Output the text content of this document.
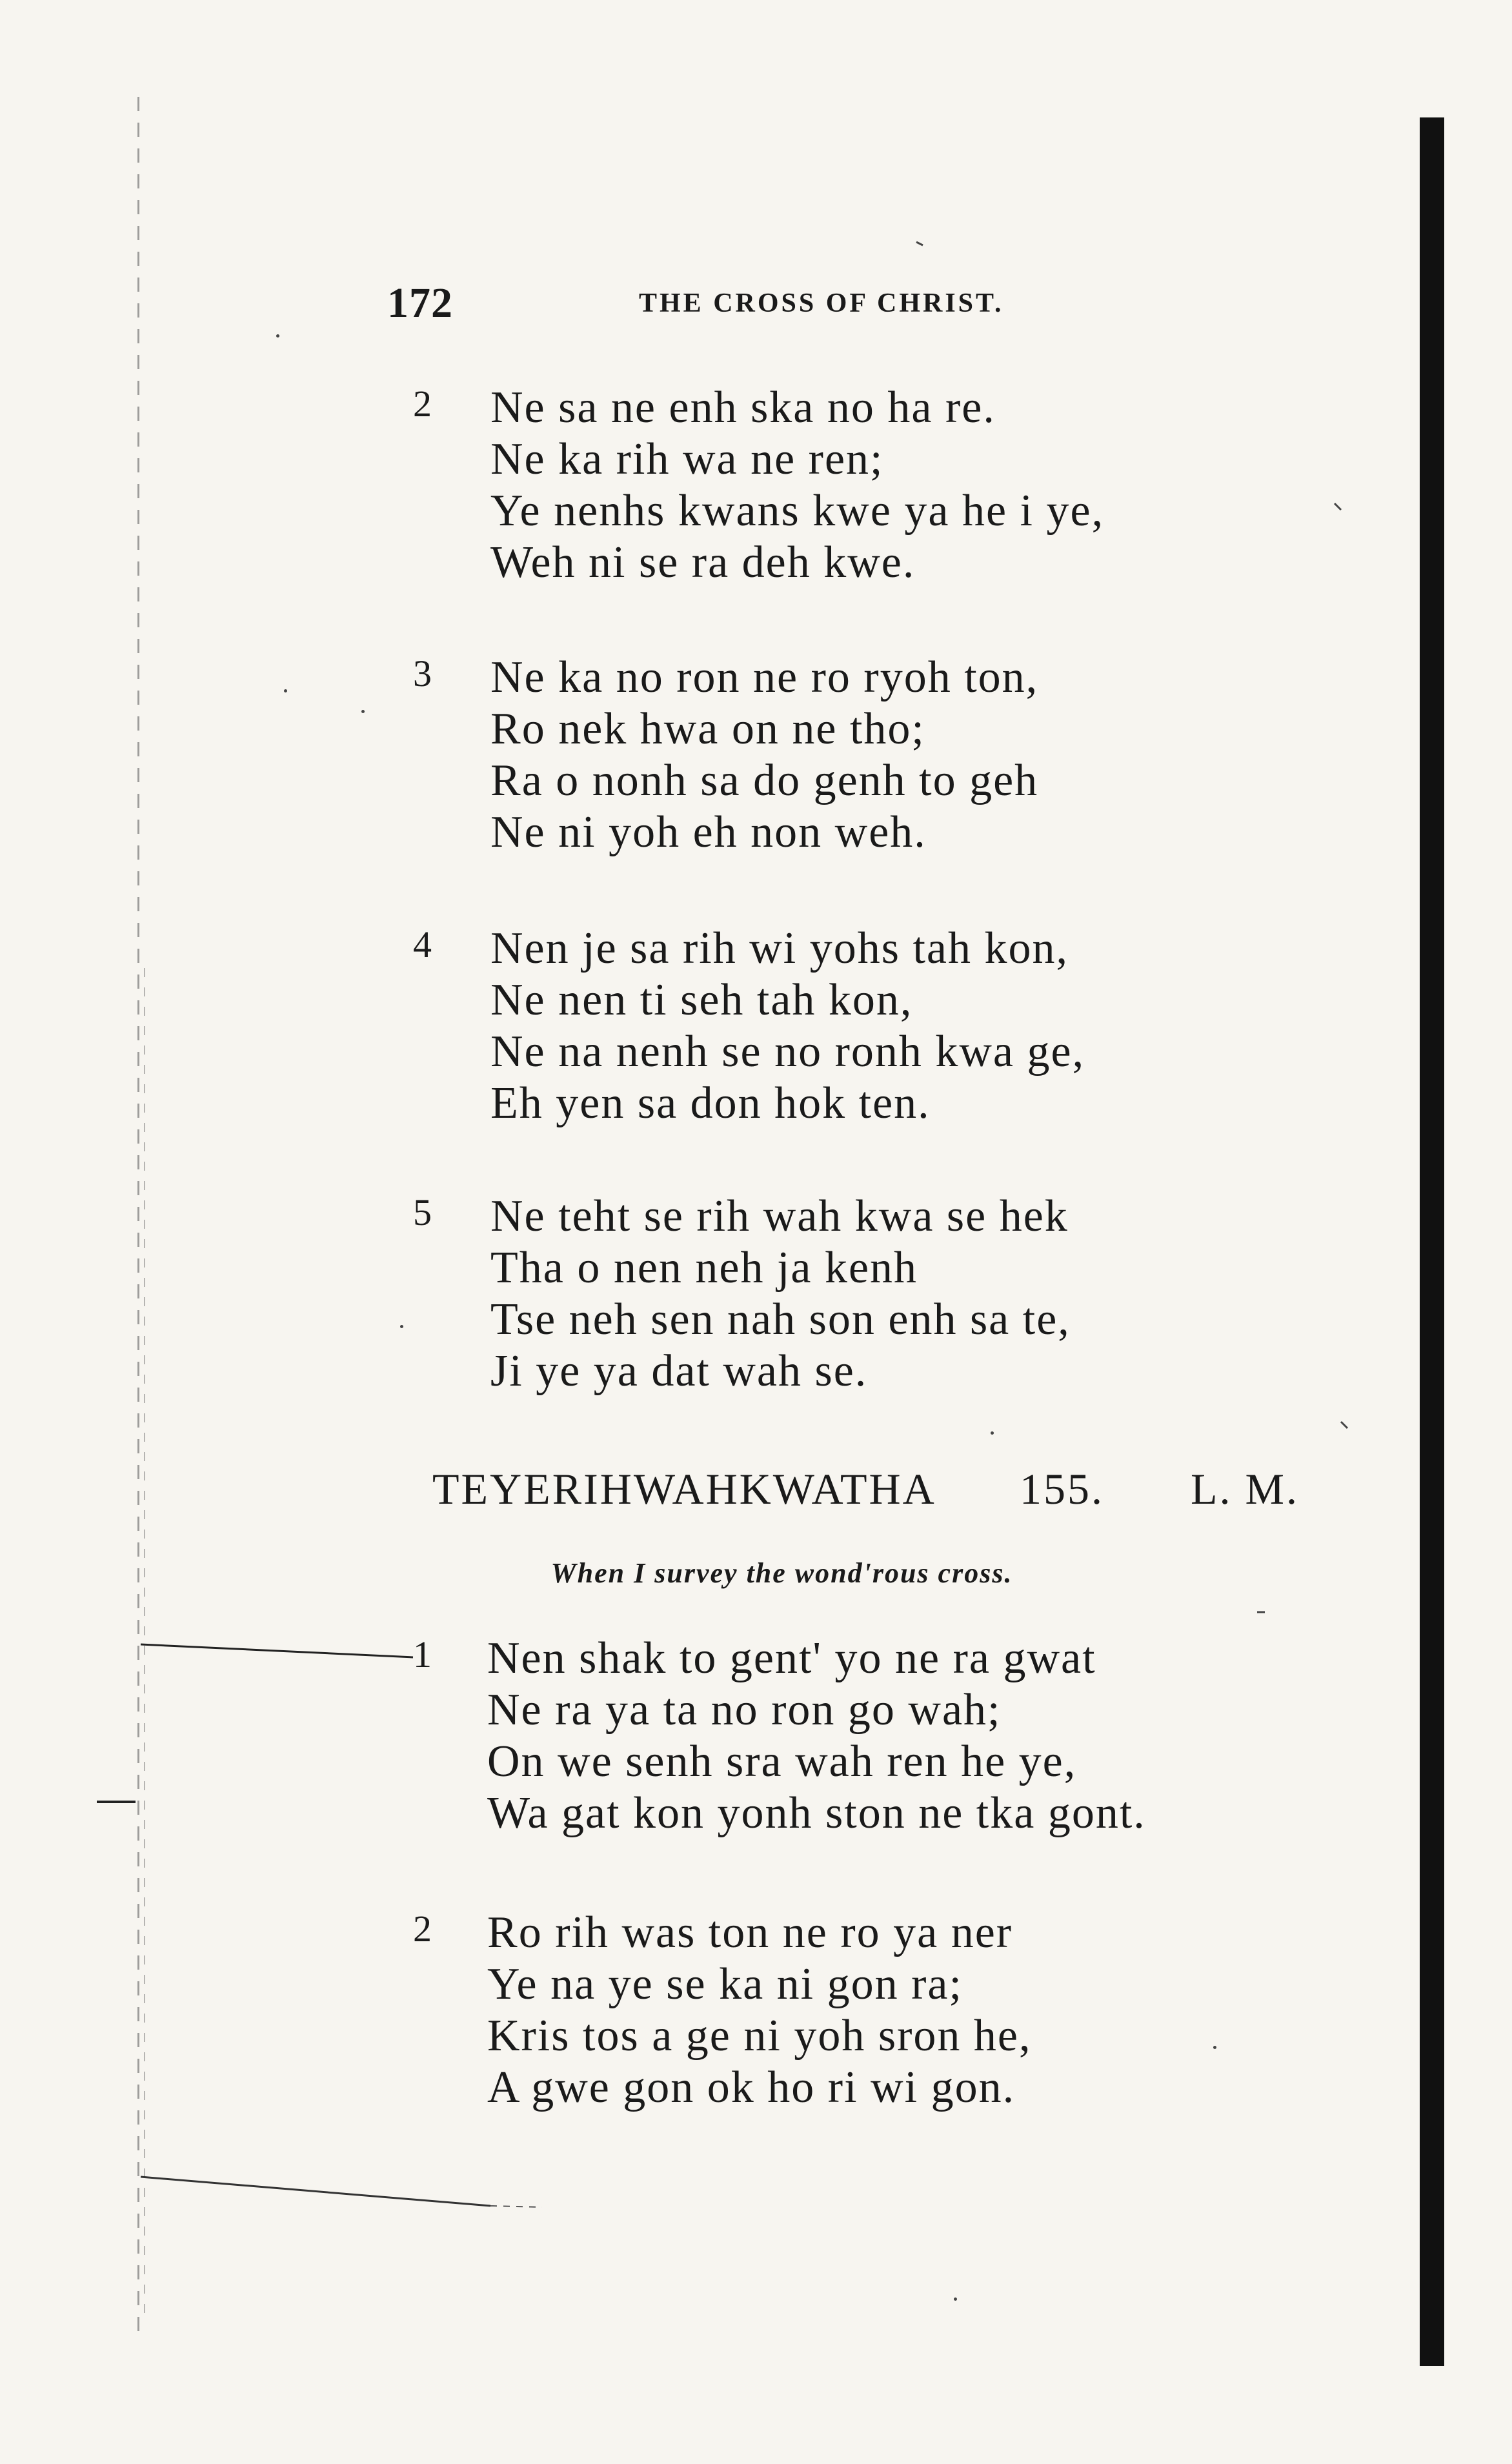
172	THE CROSS OF CHRIST.
2 Ne sa ne enh ska no ha re.
Ne ka rih wa ne ren;
Ye nenhs kwans kwe ya he i ye,
Weh ni se ra deh kwe.
3 Ne ka no ron ne ro ryoh ton,
Ro nek hwa on ne tho;
Ra o nonh sa do genh to geh
Ne ni yoh eh non weh.
4 Nen je sa rih wi yohs tah kon,
Ne nen ti seh tah kon,
Ne na nenh se no ronh kwa ge,
Eh yen sa don hok ten.
5 Ne teht se rih wah kwa se hek
Tha o nen neh ja kenh
Tse neh sen nah son enh sa te,
Ji ye ya dat wah se.
TEYERIHWAHKWATHA 155. L. M.
When I survey the wond'rous cross.
1 Nen shak to gent' yo ne ra gwat
Ne ra ya ta no ron go wah;
On we senh sra wah ren he ye,
Wa gat kon yonh ston ne tka gont.
2 Ro rih was ton ne ro ya ner
Ye na ye se ka ni gon ra;
Kris tos a ge ni yoh sron he,
A gwe gon ok ho ri wi gon.
